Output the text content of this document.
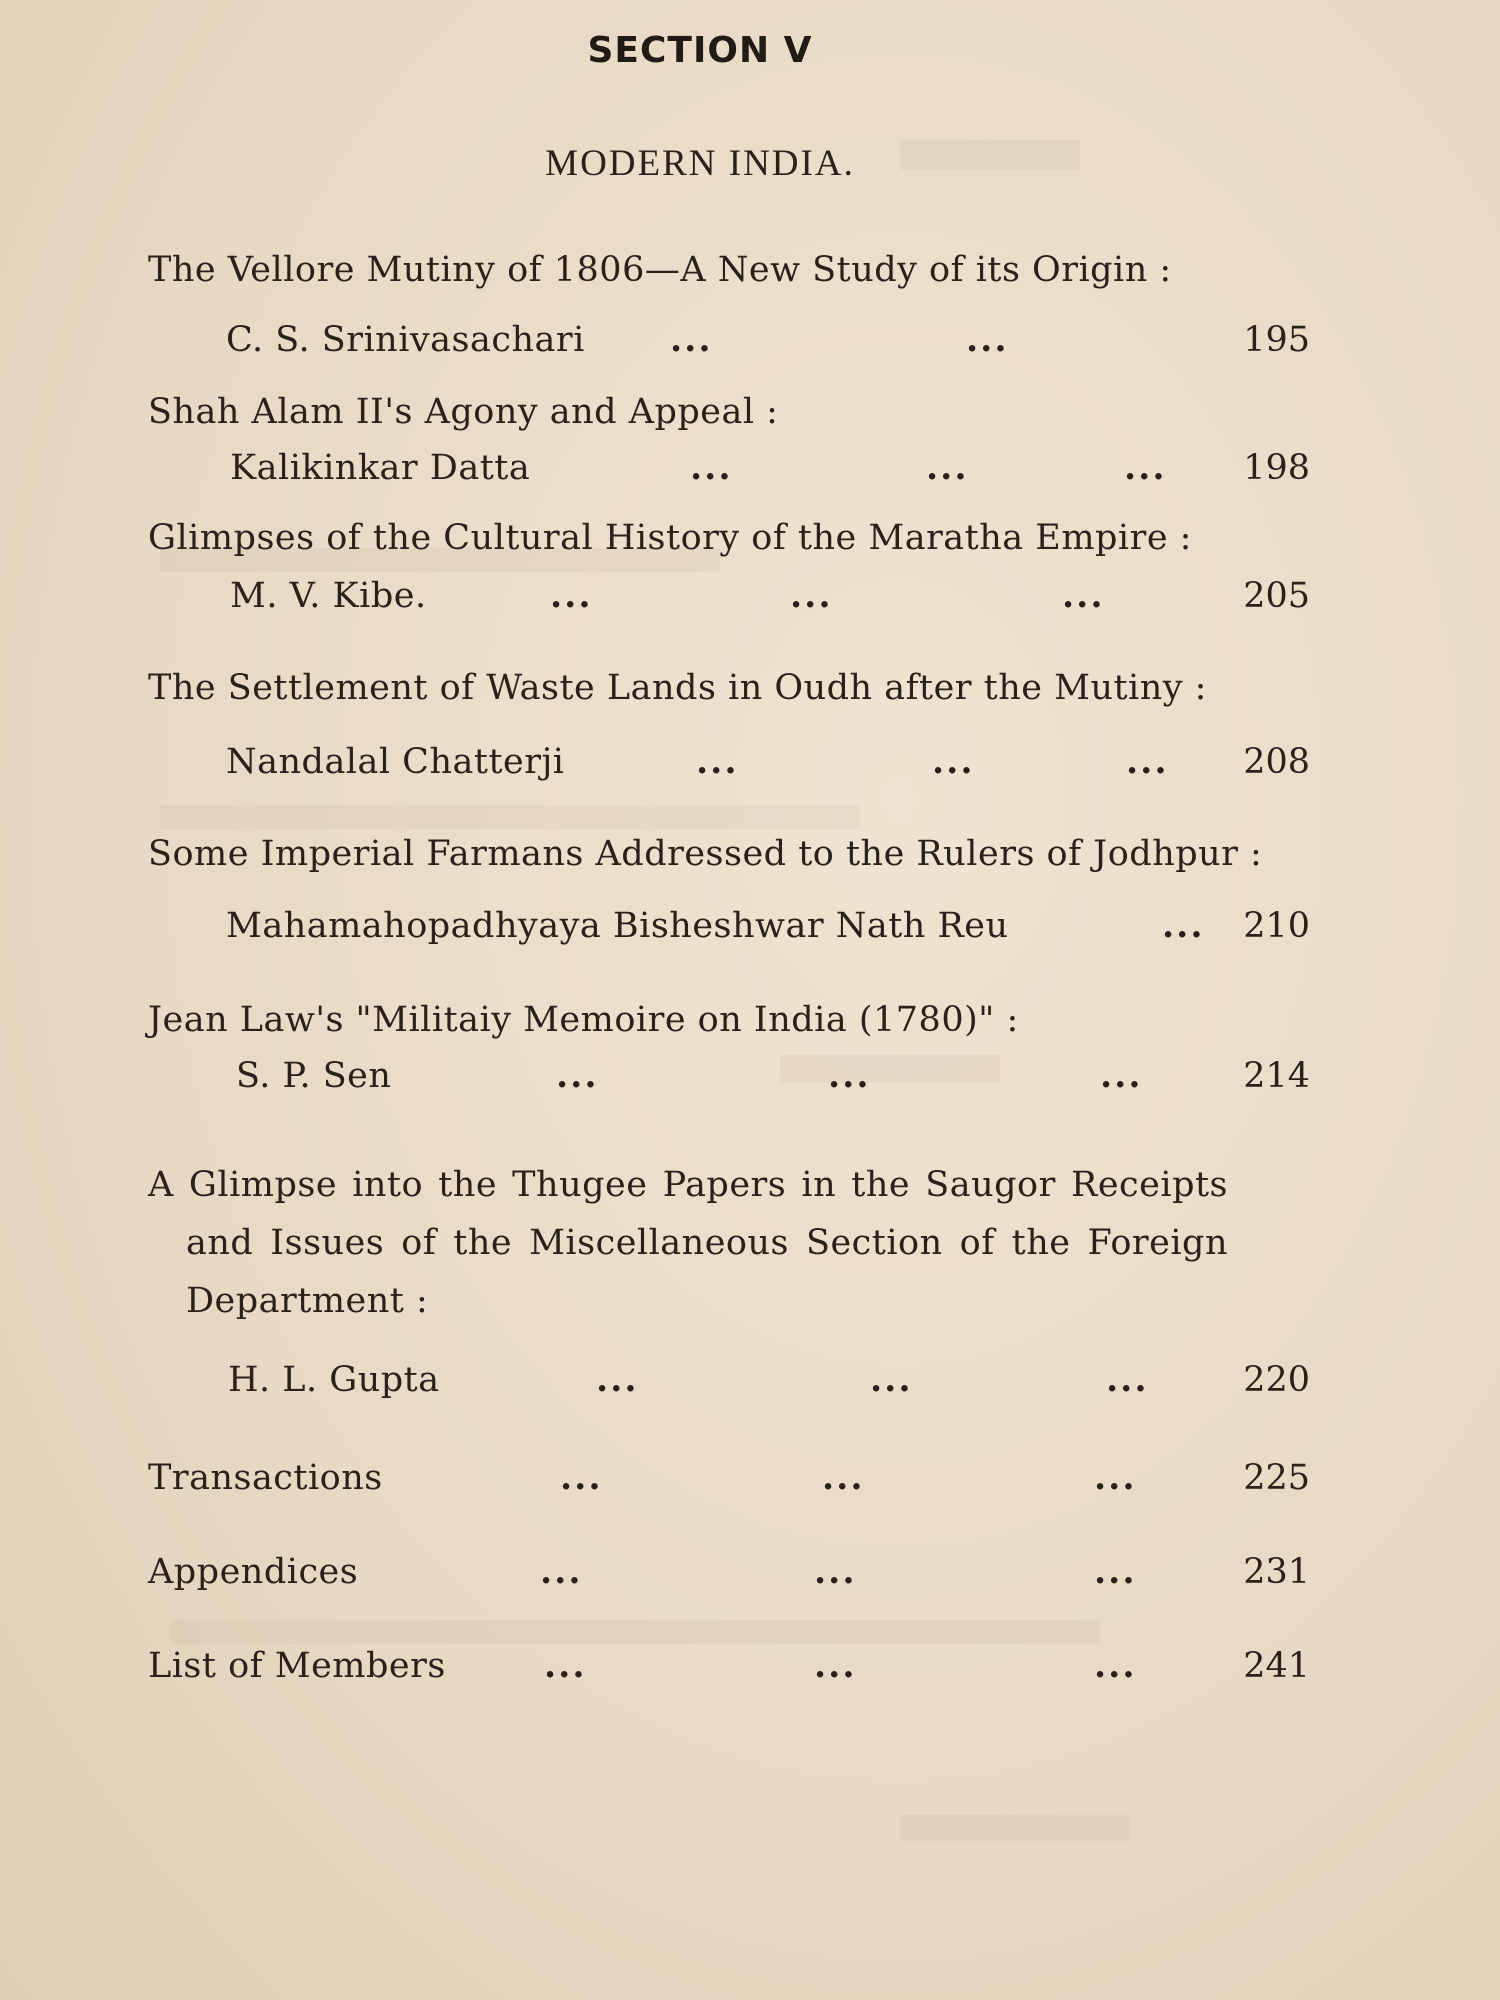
SECTION V
MODERN INDIA.
The Vellore Mutiny of 1806—A New Study of its Origin :
C. S. Srinivasachari ...	...	195
Shah Alam II's Agony and Appeal :
Kalikinkar Datta	...	...	... 198
Glimpses of the Cultural History of the Maratha Empire :
M. V. Kibe.	...	...	...	205
The Settlement of Waste Lands in Oudh after the Mutiny :
Nandalal Chatterji	...	...	... 208
Some Imperial Farmans Addressed to the Rulers of Jodhpur :
Mahamahopadhyaya Bisheshwar Nath Reu	... 210
Jean Law's "Militaiy Memoire on India (1780)" :
S. P. Sen	...	...	...	214
A Glimpse into the Thugee Papers in the Saugor Receipts and Issues of the Miscellaneous Section of the Foreign Department :
H. L. Gupta	...	...	...	220
Transactions	...	...	...	225
Appendices	...	...	...	231
List of Members	...	...	...	241
